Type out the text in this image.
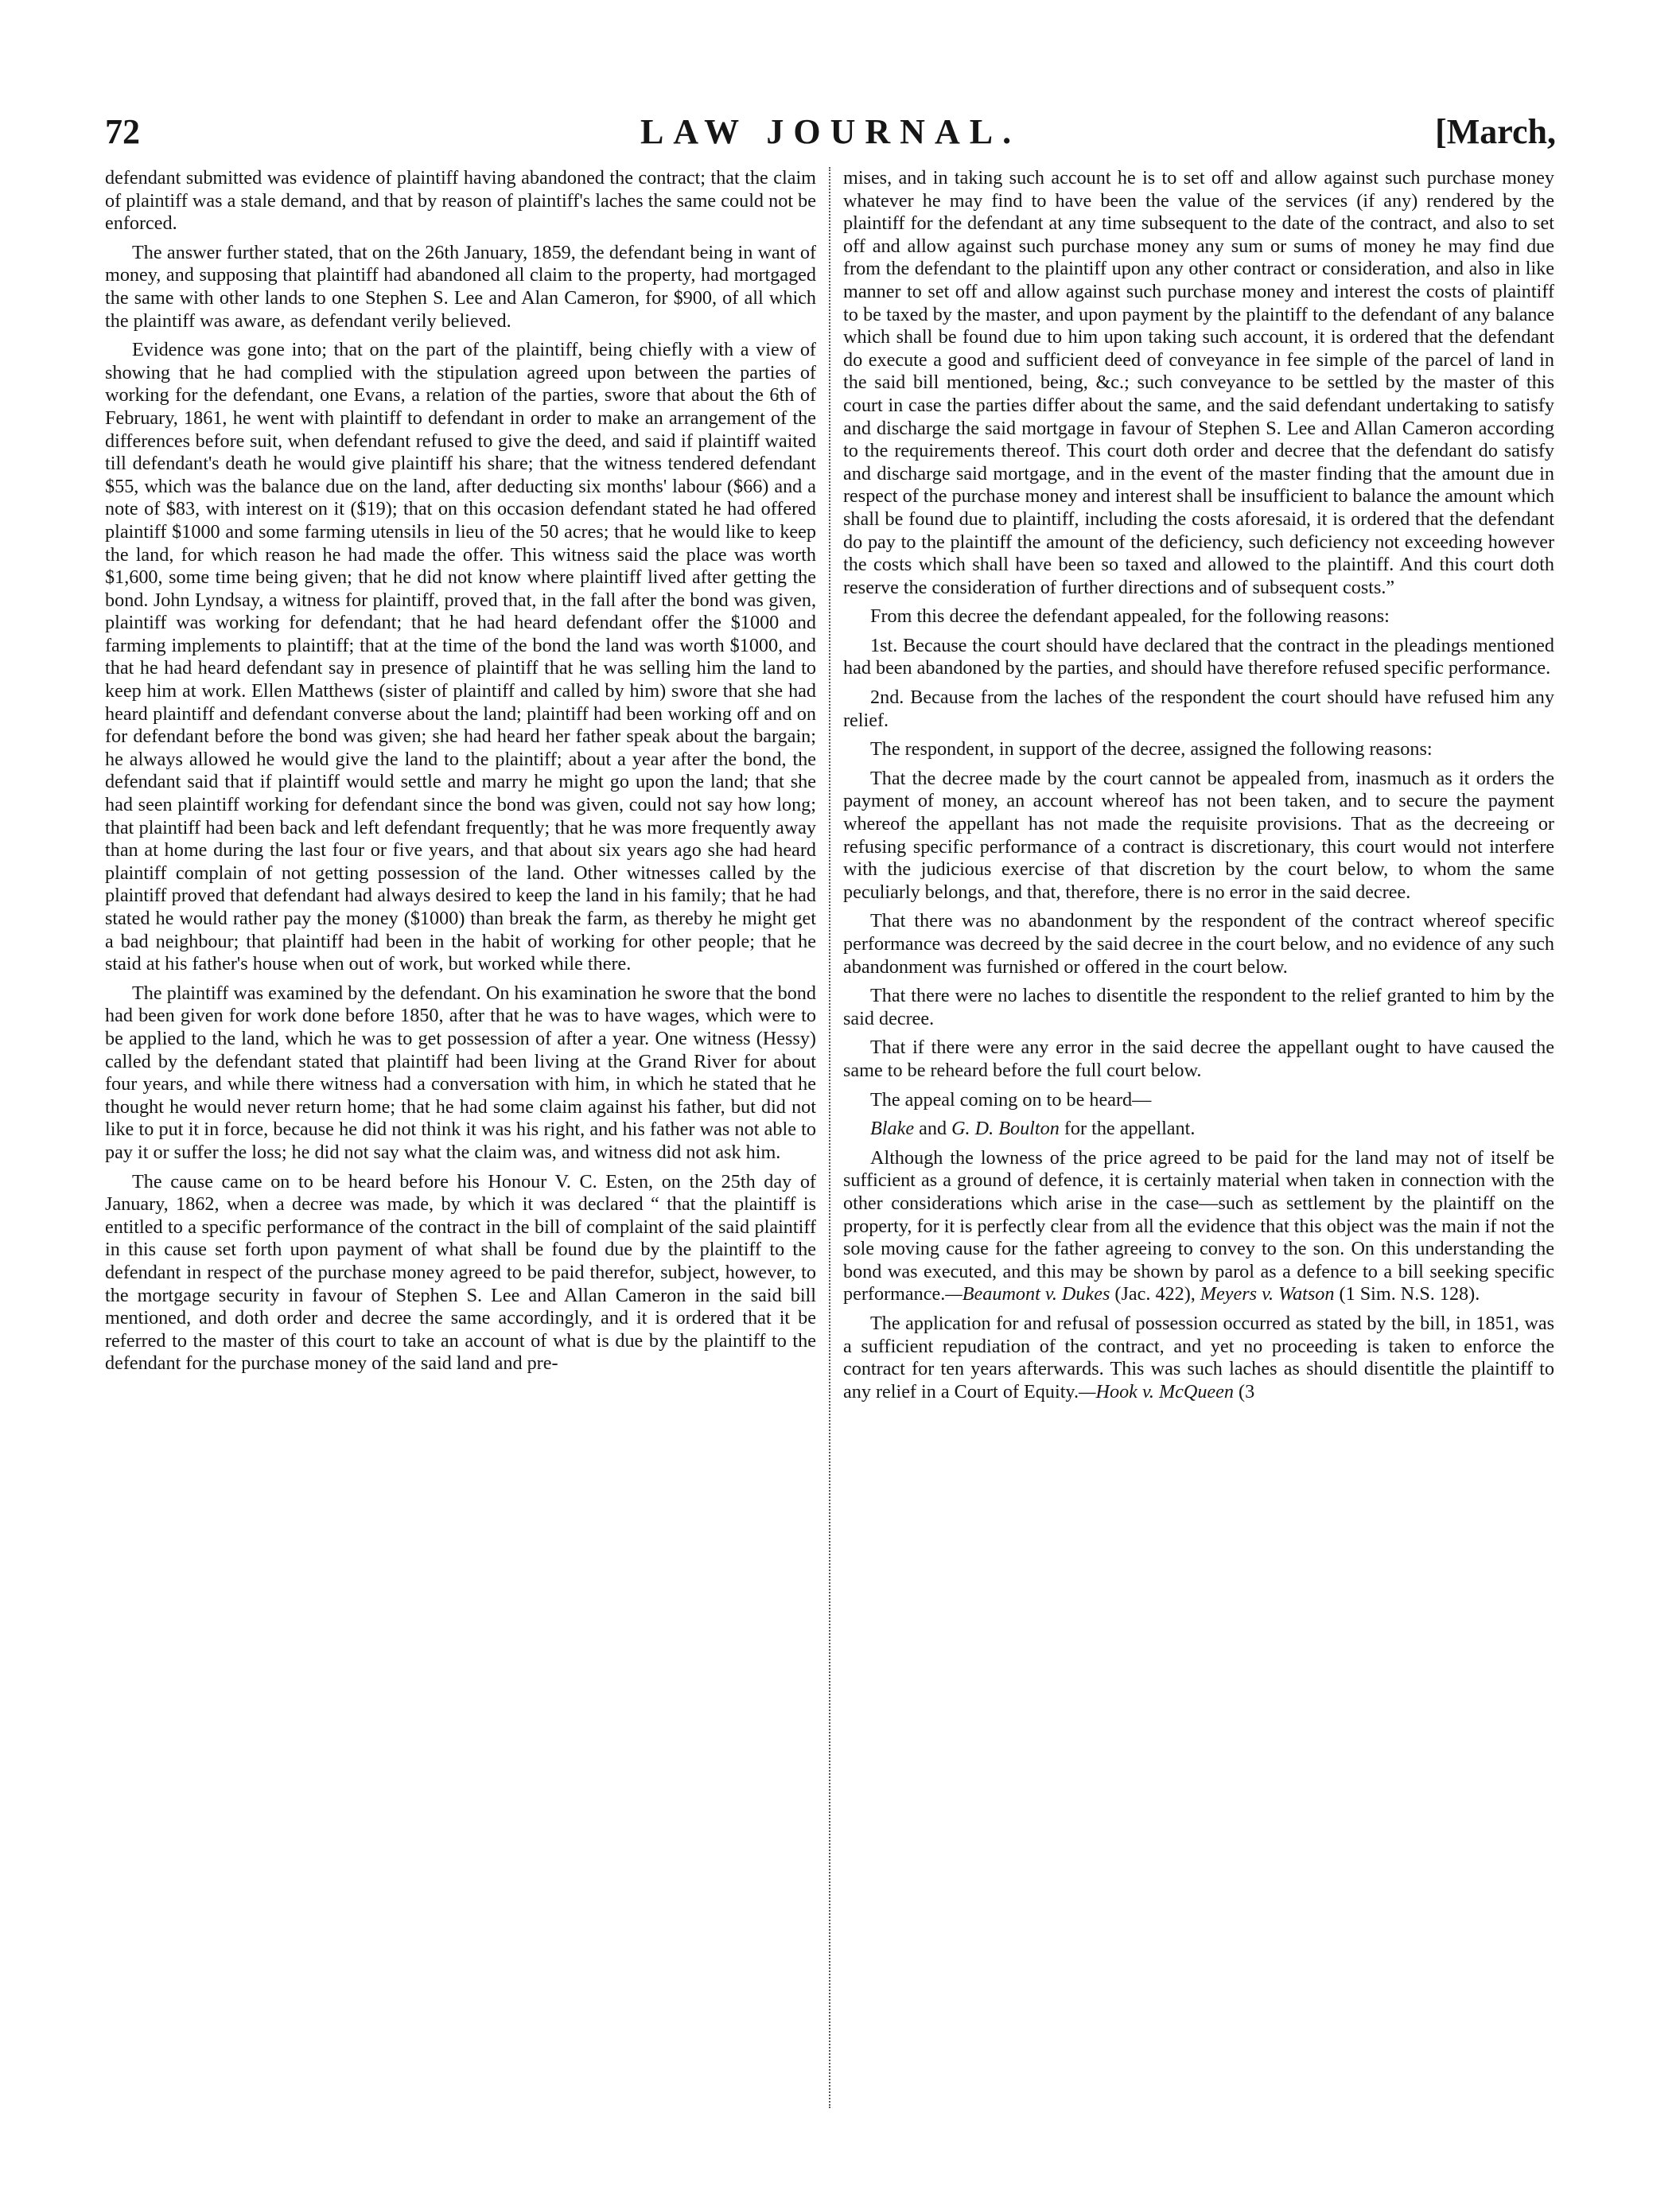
72	LAW JOURNAL.	[March,

defendant submitted was evidence of plaintiff having abandoned the contract; that the claim of plaintiff was a stale demand, and that by reason of plaintiff's laches the same could not be enforced.

The answer further stated, that on the 26th January, 1859, the defendant being in want of money, and supposing that plaintiff had abandoned all claim to the property, had mortgaged the same with other lands to one Stephen S. Lee and Alan Cameron, for $900, of all which the plaintiff was aware, as defendant verily believed.

Evidence was gone into; that on the part of the plaintiff, being chiefly with a view of showing that he had complied with the stipulation agreed upon between the parties of working for the defendant, one Evans, a relation of the parties, swore that about the 6th of February, 1861, he went with plaintiff to defendant in order to make an arrangement of the differences before suit, when defendant refused to give the deed, and said if plaintiff waited till defendant's death he would give plaintiff his share; that the witness tendered defendant $55, which was the balance due on the land, after deducting six months' labour ($66) and a note of $83, with interest on it ($19); that on this occasion defendant stated he had offered plaintiff $1000 and some farming utensils in lieu of the 50 acres; that he would like to keep the land, for which reason he had made the offer. This witness said the place was worth $1,600, some time being given; that he did not know where plaintiff lived after getting the bond. John Lyndsay, a witness for plaintiff, proved that, in the fall after the bond was given, plaintiff was working for defendant; that he had heard defendant offer the $1000 and farming implements to plaintiff; that at the time of the bond the land was worth $1000, and that he had heard defendant say in presence of plaintiff that he was selling him the land to keep him at work. Ellen Matthews (sister of plaintiff and called by him) swore that she had heard plaintiff and defendant converse about the land; plaintiff had been working off and on for defendant before the bond was given; she had heard her father speak about the bargain; he always allowed he would give the land to the plaintiff; about a year after the bond, the defendant said that if plaintiff would settle and marry he might go upon the land; that she had seen plaintiff working for defendant since the bond was given, could not say how long; that plaintiff had been back and left defendant frequently; that he was more frequently away than at home during the last four or five years, and that about six years ago she had heard plaintiff complain of not getting possession of the land. Other witnesses called by the plaintiff proved that defendant had always desired to keep the land in his family; that he had stated he would rather pay the money ($1000) than break the farm, as thereby he might get a bad neighbour; that plaintiff had been in the habit of working for other people; that he staid at his father's house when out of work, but worked while there.

The plaintiff was examined by the defendant. On his examination he swore that the bond had been given for work done before 1850, after that he was to have wages, which were to be applied to the land, which he was to get possession of after a year. One witness (Hessy) called by the defendant stated that plaintiff had been living at the Grand River for about four years, and while there witness had a conversation with him, in which he stated that he thought he would never return home; that he had some claim against his father, but did not like to put it in force, because he did not think it was his right, and his father was not able to pay it or suffer the loss; he did not say what the claim was, and witness did not ask him.

The cause came on to be heard before his Honour V. C. Esten, on the 25th day of January, 1862, when a decree was made, by which it was declared “ that the plaintiff is entitled to a specific performance of the contract in the bill of complaint of the said plaintiff in this cause set forth upon payment of what shall be found due by the plaintiff to the defendant in respect of the purchase money agreed to be paid therefor, subject, however, to the mortgage security in favour of Stephen S. Lee and Allan Cameron in the said bill mentioned, and doth order and decree the same accordingly, and it is ordered that it be referred to the master of this court to take an account of what is due by the plaintiff to the defendant for the purchase money of the said land and pre-

mises, and in taking such account he is to set off and allow against such purchase money whatever he may find to have been the value of the services (if any) rendered by the plaintiff for the defendant at any time subsequent to the date of the contract, and also to set off and allow against such purchase money any sum or sums of money he may find due from the defendant to the plaintiff upon any other contract or consideration, and also in like manner to set off and allow against such purchase money and interest the costs of plaintiff to be taxed by the master, and upon payment by the plaintiff to the defendant of any balance which shall be found due to him upon taking such account, it is ordered that the defendant do execute a good and sufficient deed of conveyance in fee simple of the parcel of land in the said bill mentioned, being, &c.; such conveyance to be settled by the master of this court in case the parties differ about the same, and the said defendant undertaking to satisfy and discharge the said mortgage in favour of Stephen S. Lee and Allan Cameron according to the requirements thereof. This court doth order and decree that the defendant do satisfy and discharge said mortgage, and in the event of the master finding that the amount due in respect of the purchase money and interest shall be insufficient to balance the amount which shall be found due to plaintiff, including the costs aforesaid, it is ordered that the defendant do pay to the plaintiff the amount of the deficiency, such deficiency not exceeding however the costs which shall have been so taxed and allowed to the plaintiff. And this court doth reserve the consideration of further directions and of subsequent costs.”

From this decree the defendant appealed, for the following reasons:

1st. Because the court should have declared that the contract in the pleadings mentioned had been abandoned by the parties, and should have therefore refused specific performance.

2nd. Because from the laches of the respondent the court should have refused him any relief.

The respondent, in support of the decree, assigned the following reasons:

That the decree made by the court cannot be appealed from, inasmuch as it orders the payment of money, an account whereof has not been taken, and to secure the payment whereof the appellant has not made the requisite provisions. That as the decreeing or refusing specific performance of a contract is discretionary, this court would not interfere with the judicious exercise of that discretion by the court below, to whom the same peculiarly belongs, and that, therefore, there is no error in the said decree.

That there was no abandonment by the respondent of the contract whereof specific performance was decreed by the said decree in the court below, and no evidence of any such abandonment was furnished or offered in the court below.

That there were no laches to disentitle the respondent to the relief granted to him by the said decree.

That if there were any error in the said decree the appellant ought to have caused the same to be reheard before the full court below.

The appeal coming on to be heard—

Blake and G. D. Boulton for the appellant.

Although the lowness of the price agreed to be paid for the land may not of itself be sufficient as a ground of defence, it is certainly material when taken in connection with the other considerations which arise in the case—such as settlement by the plaintiff on the property, for it is perfectly clear from all the evidence that this object was the main if not the sole moving cause for the father agreeing to convey to the son. On this understanding the bond was executed, and this may be shown by parol as a defence to a bill seeking specific performance.—Beaumont v. Dukes (Jac. 422), Meyers v. Watson (1 Sim. N.S. 128).

The application for and refusal of possession occurred as stated by the bill, in 1851, was a sufficient repudiation of the contract, and yet no proceeding is taken to enforce the contract for ten years afterwards. This was such laches as should disentitle the plaintiff to any relief in a Court of Equity.—Hook v. McQueen (3
